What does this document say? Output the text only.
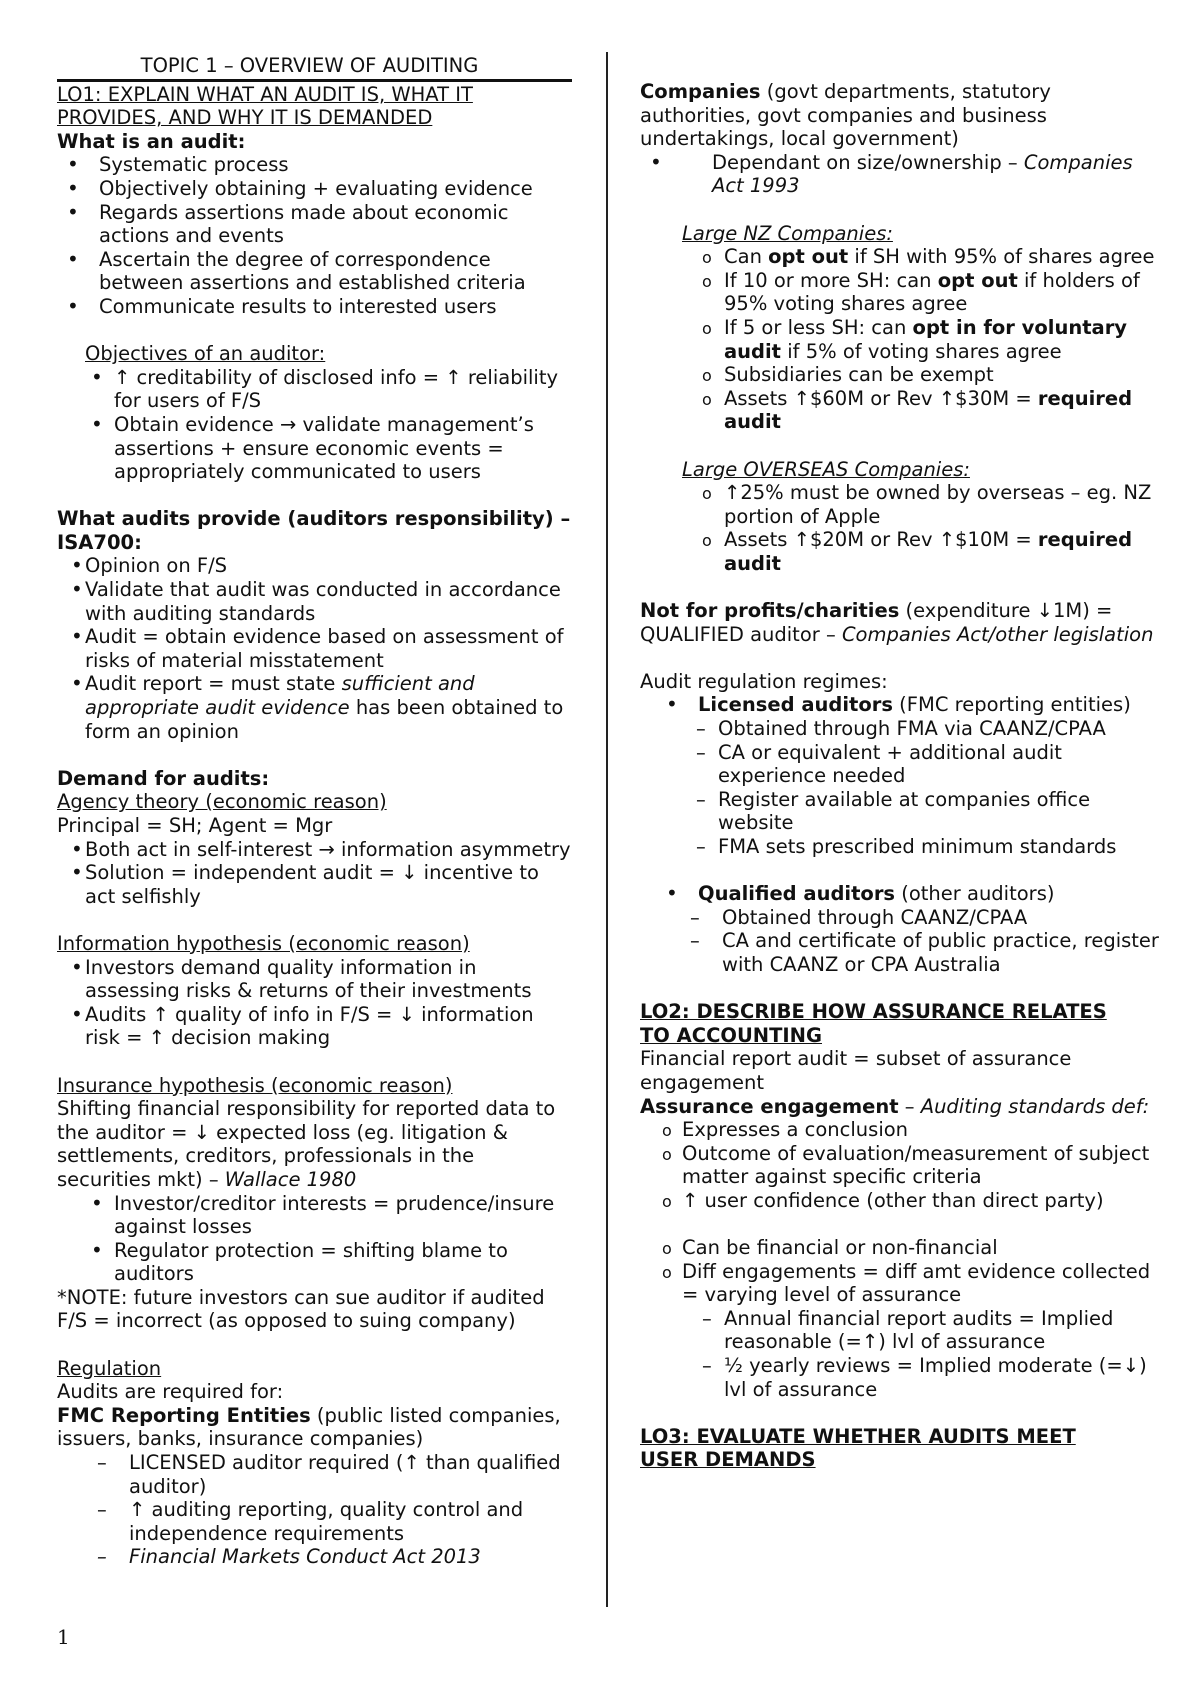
TOPIC 1 – OVERVIEW OF AUDITING
LO1: EXPLAIN WHAT AN AUDIT IS, WHAT IT
PROVIDES, AND WHY IT IS DEMANDED
What is an audit:
• Systematic process
• Objectively obtaining + evaluating evidence
• Regards assertions made about economic actions and events
• Ascertain the degree of correspondence between assertions and established criteria
• Communicate results to interested users
Objectives of an auditor:
• ↑ creditability of disclosed info = ↑ reliability for users of F/S
• Obtain evidence → validate management’s assertions + ensure economic events = appropriately communicated to users
What audits provide (auditors responsibility) – ISA700:
• Opinion on F/S
• Validate that audit was conducted in accordance with auditing standards
• Audit = obtain evidence based on assessment of risks of material misstatement
• Audit report = must state sufficient and appropriate audit evidence has been obtained to form an opinion
Demand for audits:
Agency theory (economic reason)
Principal = SH; Agent = Mgr
• Both act in self-interest → information asymmetry
• Solution = independent audit = ↓ incentive to act selfishly
Information hypothesis (economic reason)
• Investors demand quality information in assessing risks & returns of their investments
• Audits ↑ quality of info in F/S = ↓ information risk = ↑ decision making
Insurance hypothesis (economic reason)
Shifting financial responsibility for reported data to the auditor = ↓ expected loss (eg. litigation & settlements, creditors, professionals in the securities mkt) – Wallace 1980
• Investor/creditor interests = prudence/insure against losses
• Regulator protection = shifting blame to auditors
*NOTE: future investors can sue auditor if audited F/S = incorrect (as opposed to suing company)
Regulation
Audits are required for:
FMC Reporting Entities (public listed companies, issuers, banks, insurance companies)
– LICENSED auditor required (↑ than qualified auditor)
– ↑ auditing reporting, quality control and independence requirements
– Financial Markets Conduct Act 2013
Companies (govt departments, statutory authorities, govt companies and business undertakings, local government)
• Dependant on size/ownership – Companies Act 1993
Large NZ Companies:
o Can opt out if SH with 95% of shares agree
o If 10 or more SH: can opt out if holders of 95% voting shares agree
o If 5 or less SH: can opt in for voluntary audit if 5% of voting shares agree
o Subsidiaries can be exempt
o Assets ↑$60M or Rev ↑$30M = required audit
Large OVERSEAS Companies:
o ↑25% must be owned by overseas – eg. NZ portion of Apple
o Assets ↑$20M or Rev ↑$10M = required audit
Not for profits/charities (expenditure ↓1M) = QUALIFIED auditor – Companies Act/other legislation
Audit regulation regimes:
• Licensed auditors (FMC reporting entities)
– Obtained through FMA via CAANZ/CPAA
– CA or equivalent + additional audit experience needed
– Register available at companies office website
– FMA sets prescribed minimum standards
• Qualified auditors (other auditors)
– Obtained through CAANZ/CPAA
– CA and certificate of public practice, register with CAANZ or CPA Australia
LO2: DESCRIBE HOW ASSURANCE RELATES
TO ACCOUNTING
Financial report audit = subset of assurance engagement
Assurance engagement – Auditing standards def:
o Expresses a conclusion
o Outcome of evaluation/measurement of subject matter against specific criteria
o ↑ user confidence (other than direct party)
o Can be financial or non-financial
o Diff engagements = diff amt evidence collected = varying level of assurance
– Annual financial report audits = Implied reasonable (=↑) lvl of assurance
– ½ yearly reviews = Implied moderate (=↓) lvl of assurance
LO3: EVALUATE WHETHER AUDITS MEET
USER DEMANDS
1
